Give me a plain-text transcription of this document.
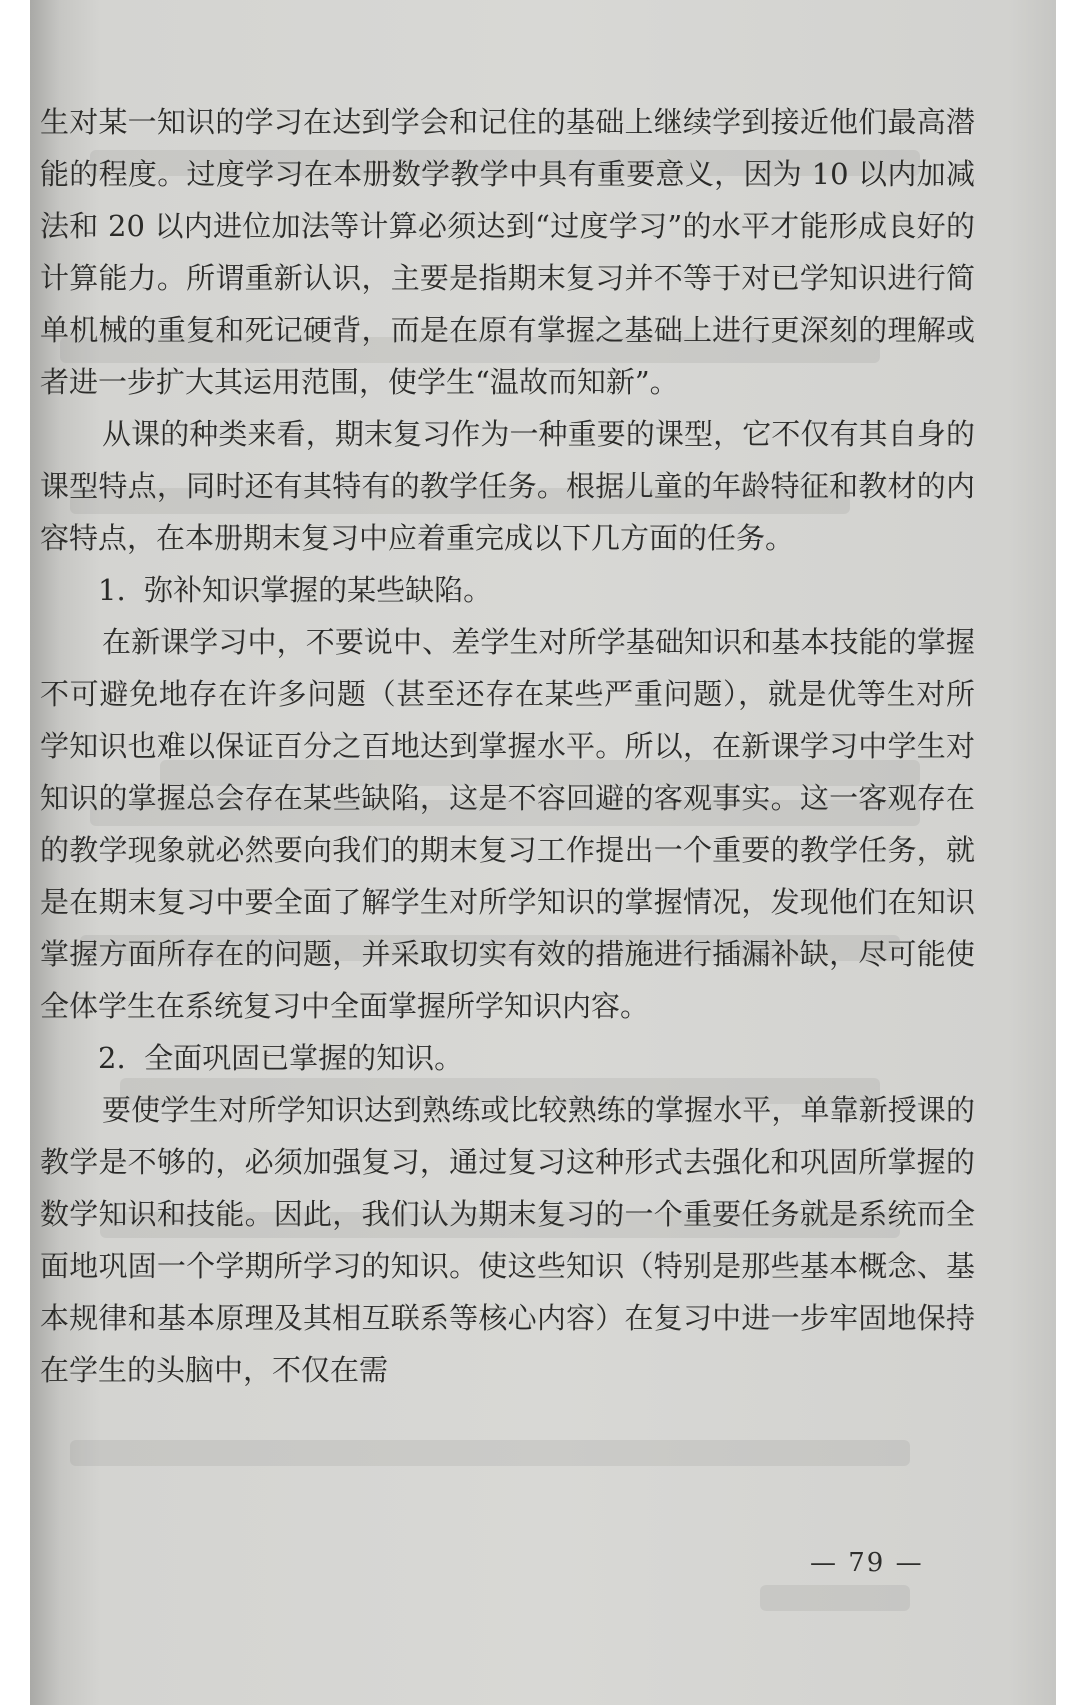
生对某一知识的学习在达到学会和记住的基础上继续学到接近他们最高潜能的程度。过度学习在本册数学教学中具有重要意义，因为 10 以内加减法和 20 以内进位加法等计算必须达到“过度学习”的水平才能形成良好的计算能力。所谓重新认识，主要是指期末复习并不等于对已学知识进行简单机械的重复和死记硬背，而是在原有掌握之基础上进行更深刻的理解或者进一步扩大其运用范围，使学生“温故而知新”。

从课的种类来看，期末复习作为一种重要的课型，它不仅有其自身的课型特点，同时还有其特有的教学任务。根据儿童的年龄特征和教材的内容特点，在本册期末复习中应着重完成以下几方面的任务。

1.  弥补知识掌握的某些缺陷。

在新课学习中，不要说中、差学生对所学基础知识和基本技能的掌握不可避免地存在许多问题（甚至还存在某些严重问题），就是优等生对所学知识也难以保证百分之百地达到掌握水平。所以，在新课学习中学生对知识的掌握总会存在某些缺陷，这是不容回避的客观事实。这一客观存在的教学现象就必然要向我们的期末复习工作提出一个重要的教学任务，就是在期末复习中要全面了解学生对所学知识的掌握情况，发现他们在知识掌握方面所存在的问题，并采取切实有效的措施进行插漏补缺，尽可能使全体学生在系统复习中全面掌握所学知识内容。

2.  全面巩固已掌握的知识。

要使学生对所学知识达到熟练或比较熟练的掌握水平，单靠新授课的教学是不够的，必须加强复习，通过复习这种形式去强化和巩固所掌握的数学知识和技能。因此，我们认为期末复习的一个重要任务就是系统而全面地巩固一个学期所学习的知识。使这些知识（特别是那些基本概念、基本规律和基本原理及其相互联系等核心内容）在复习中进一步牢固地保持在学生的头脑中，不仅在需

— 79 —
